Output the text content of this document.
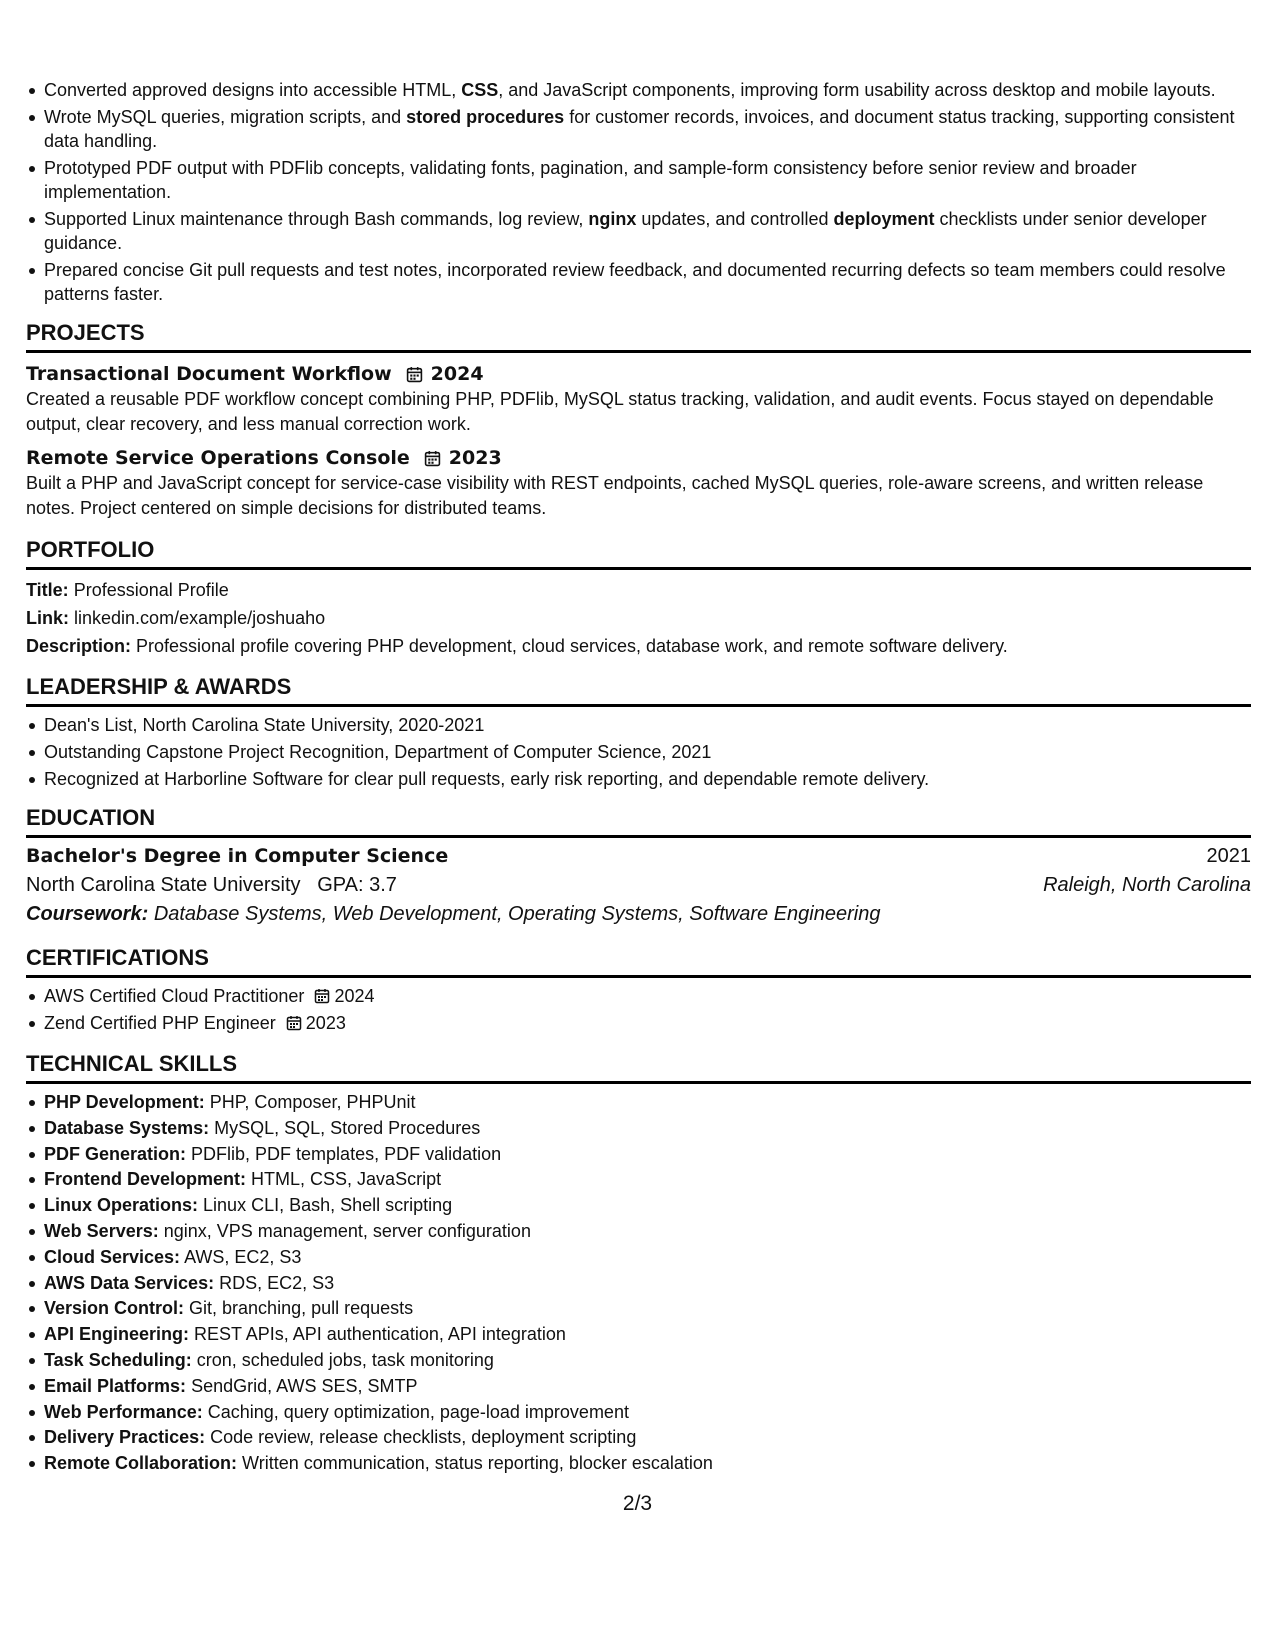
Converted approved designs into accessible HTML, CSS, and JavaScript components, improving form usability across desktop and mobile layouts.
Wrote MySQL queries, migration scripts, and stored procedures for customer records, invoices, and document status tracking, supporting consistent data handling.
Prototyped PDF output with PDFlib concepts, validating fonts, pagination, and sample-form consistency before senior review and broader implementation.
Supported Linux maintenance through Bash commands, log review, nginx updates, and controlled deployment checklists under senior developer guidance.
Prepared concise Git pull requests and test notes, incorporated review feedback, and documented recurring defects so team members could resolve patterns faster.
PROJECTS
Transactional Document Workflow 2024
Created a reusable PDF workflow concept combining PHP, PDFlib, MySQL status tracking, validation, and audit events. Focus stayed on dependable output, clear recovery, and less manual correction work.
Remote Service Operations Console 2023
Built a PHP and JavaScript concept for service-case visibility with REST endpoints, cached MySQL queries, role-aware screens, and written release notes. Project centered on simple decisions for distributed teams.
PORTFOLIO
Title: Professional Profile
Link: linkedin.com/example/joshuaho
Description: Professional profile covering PHP development, cloud services, database work, and remote software delivery.
LEADERSHIP & AWARDS
Dean's List, North Carolina State University, 2020-2021
Outstanding Capstone Project Recognition, Department of Computer Science, 2021
Recognized at Harborline Software for clear pull requests, early risk reporting, and dependable remote delivery.
EDUCATION
Bachelor's Degree in Computer Science	2021
North Carolina State University GPA: 3.7	Raleigh, North Carolina
Coursework: Database Systems, Web Development, Operating Systems, Software Engineering
CERTIFICATIONS
AWS Certified Cloud Practitioner 2024
Zend Certified PHP Engineer 2023
TECHNICAL SKILLS
PHP Development: PHP, Composer, PHPUnit
Database Systems: MySQL, SQL, Stored Procedures
PDF Generation: PDFlib, PDF templates, PDF validation
Frontend Development: HTML, CSS, JavaScript
Linux Operations: Linux CLI, Bash, Shell scripting
Web Servers: nginx, VPS management, server configuration
Cloud Services: AWS, EC2, S3
AWS Data Services: RDS, EC2, S3
Version Control: Git, branching, pull requests
API Engineering: REST APIs, API authentication, API integration
Task Scheduling: cron, scheduled jobs, task monitoring
Email Platforms: SendGrid, AWS SES, SMTP
Web Performance: Caching, query optimization, page-load improvement
Delivery Practices: Code review, release checklists, deployment scripting
Remote Collaboration: Written communication, status reporting, blocker escalation
2/3
